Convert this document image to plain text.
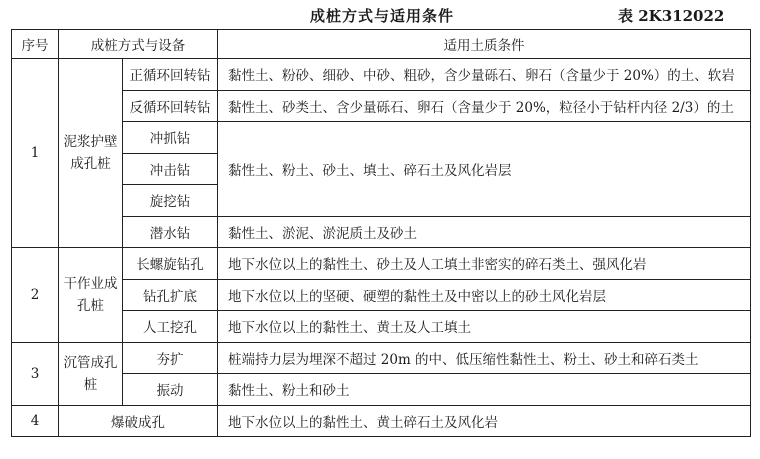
成桩方式与适用条件	表 2K312022
序号	成桩方式与设备		适用土质条件
1	泥浆护壁成孔桩	正循环回转钻	黏性土、粉砂、细砂、中砂、粗砂，含少量砾石、卵石（含量少于 20%）的土、软岩
		反循环回转钻	黏性土、砂类土、含少量砾石、卵石（含量少于 20%，粒径小于钻杆内径 2/3）的土
		冲抓钻	黏性土、粉土、砂土、填土、碎石土及风化岩层
		冲击钻	
		旋挖钻	
		潜水钻	黏性土、淤泥、淤泥质土及砂土
2	干作业成孔桩	长螺旋钻孔	地下水位以上的黏性土、砂土及人工填土非密实的碎石类土、强风化岩
		钻孔扩底	地下水位以上的坚硬、硬塑的黏性土及中密以上的砂土风化岩层
		人工挖孔	地下水位以上的黏性土、黄土及人工填土
3	沉管成孔桩	夯扩	桩端持力层为埋深不超过 20m 的中、低压缩性黏性土、粉土、砂土和碎石类土
		振动	黏性土、粉土和砂土
4	爆破成孔		地下水位以上的黏性土、黄土碎石土及风化岩
